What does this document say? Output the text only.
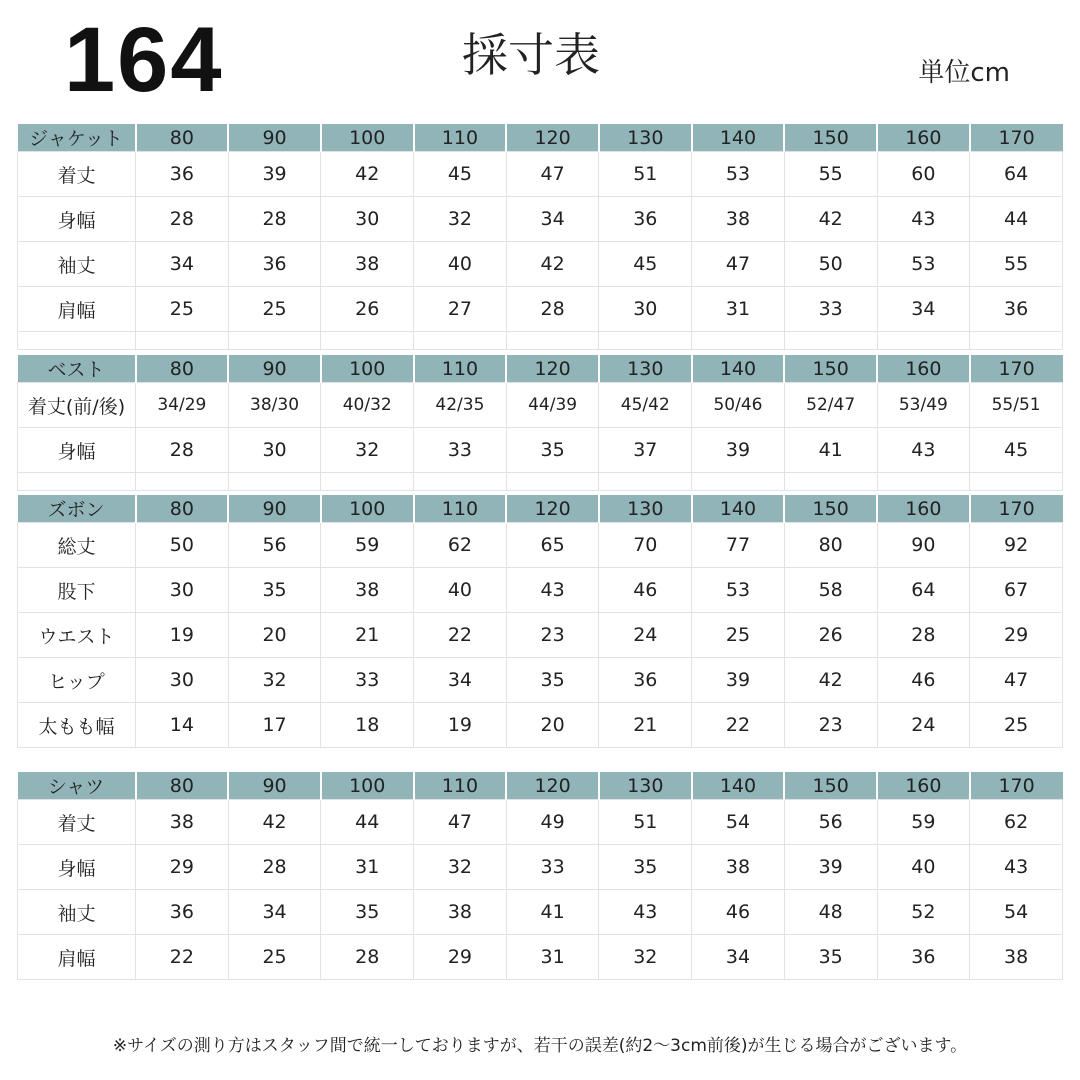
164	採寸表	単位cm
ジャケット	80	90	100	110	120	130	140	150	160	170
着丈	36	39	42	45	47	51	53	55	60	64
身幅	28	28	30	32	34	36	38	42	43	44
袖丈	34	36	38	40	42	45	47	50	53	55
肩幅	25	25	26	27	28	30	31	33	34	36

ベスト	80	90	100	110	120	130	140	150	160	170
着丈(前/後)	34/29	38/30	40/32	42/35	44/39	45/42	50/46	52/47	53/49	55/51
身幅	28	30	32	33	35	37	39	41	43	45

ズボン	80	90	100	110	120	130	140	150	160	170
総丈	50	56	59	62	65	70	77	80	90	92
股下	30	35	38	40	43	46	53	58	64	67
ウエスト	19	20	21	22	23	24	25	26	28	29
ヒップ	30	32	33	34	35	36	39	42	46	47
太もも幅	14	17	18	19	20	21	22	23	24	25
シャツ	80	90	100	110	120	130	140	150	160	170
着丈	38	42	44	47	49	51	54	56	59	62
身幅	29	28	31	32	33	35	38	39	40	43
袖丈	36	34	35	38	41	43	46	48	52	54
肩幅	22	25	28	29	31	32	34	35	36	38
※サイズの測り方はスタッフ間で統一しておりますが、若干の誤差(約2〜3cm前後)が生じる場合がございます。
